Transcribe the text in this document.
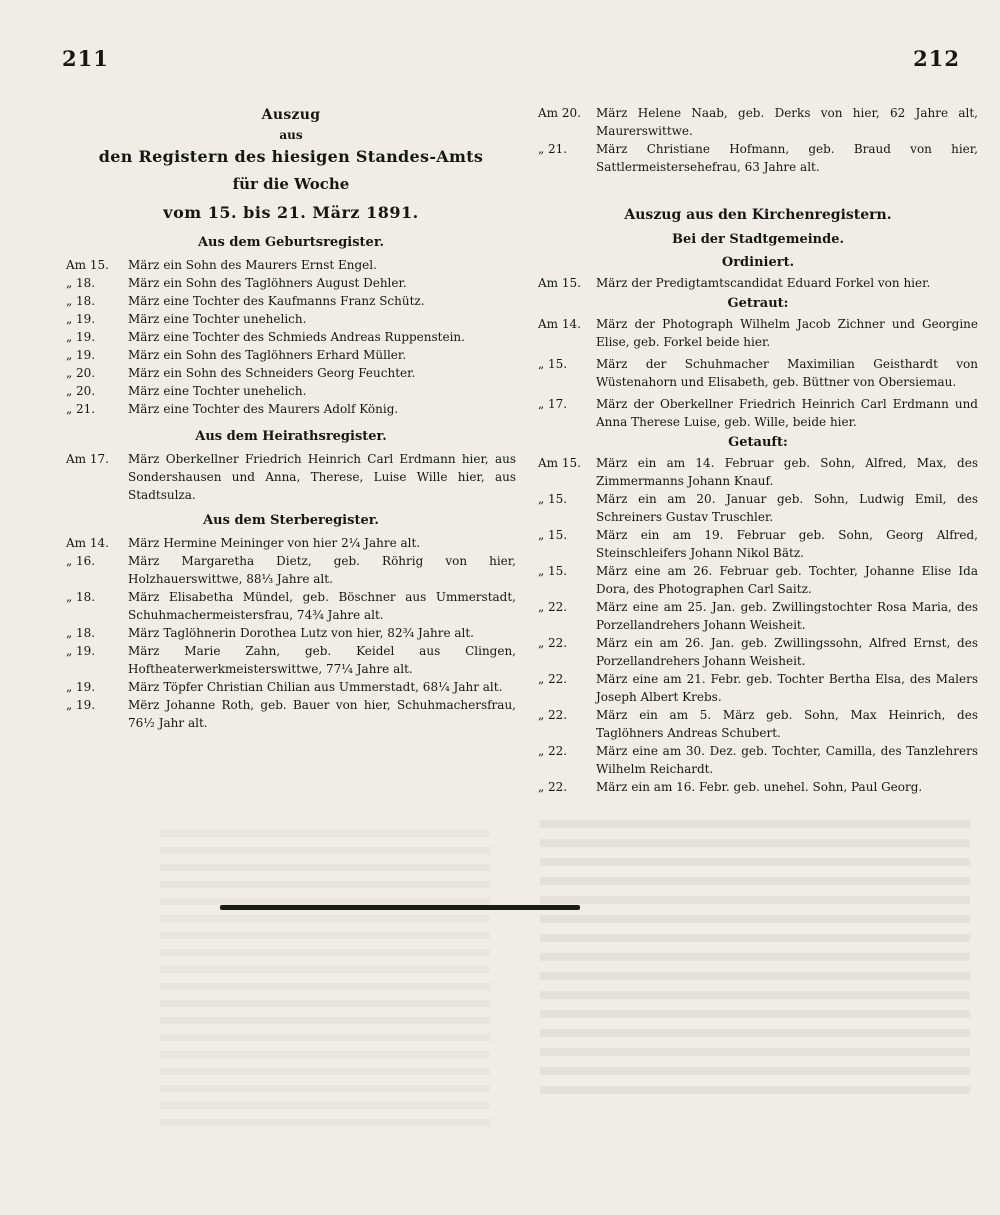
211	212

Auszug

aus

den Registern des hiesigen Standes-Amts

für die Woche

vom 15. bis 21. März 1891.

Aus dem Geburtsregister.

Am 15.	März ein Sohn des Maurers Ernst Engel.
„ 18.	März ein Sohn des Taglöhners August Dehler.
„ 18.	März eine Tochter des Kaufmanns Franz Schütz.
„ 19.	März eine Tochter unehelich.
„ 19.	März eine Tochter des Schmieds Andreas Ruppenstein.
„ 19.	März ein Sohn des Taglöhners Erhard Müller.
„ 20.	März ein Sohn des Schneiders Georg Feuchter.
„ 20.	März eine Tochter unehelich.
„ 21.	März eine Tochter des Maurers Adolf König.

Aus dem Heirathsregister.

Am 17.	März Oberkellner Friedrich Heinrich Carl Erdmann hier, aus Sondershausen und Anna, Therese, Luise Wille hier, aus Stadtsulza.

Aus dem Sterberegister.

Am 14.	März Hermine Meininger von hier 2¼ Jahre alt.
„ 16.	März Margaretha Dietz, geb. Röhrig von hier, Holzhauerswittwe, 88⅓ Jahre alt.
„ 18.	März Elisabetha Mündel, geb. Böschner aus Ummerstadt, Schuhmachermeistersfrau, 74¾ Jahre alt.
„ 18.	März Taglöhnerin Dorothea Lutz von hier, 82¾ Jahre alt.
„ 19.	März Marie Zahn, geb. Keidel aus Clingen, Hoftheaterwerkmeisterswittwe, 77¼ Jahre alt.
„ 19.	März Töpfer Christian Chilian aus Ummerstadt, 68¼ Jahr alt.
„ 19.	Mërz Johanne Roth, geb. Bauer von hier, Schuhmachersfrau, 76½ Jahr alt.
Am 20.	März Helene Naab, geb. Derks von hier, 62 Jahre alt, Maurerswittwe.
„ 21.	März Christiane Hofmann, geb. Braud von hier, Sattlermeistersehefrau, 63 Jahre alt.

Auszug aus den Kirchenregistern.

Bei der Stadtgemeinde.

Ordiniert.

Am 15.	März der Predigtamtscandidat Eduard Forkel von hier.

Getraut:

Am 14.	März der Photograph Wilhelm Jacob Zichner und Georgine Elise, geb. Forkel beide hier.
„ 15.	März der Schuhmacher Maximilian Geisthardt von Wüstenahorn und Elisabeth, geb. Büttner von Obersiemau.
„ 17.	März der Oberkellner Friedrich Heinrich Carl Erdmann und Anna Therese Luise, geb. Wille, beide hier.

Getauft:

Am 15.	März ein am 14. Februar geb. Sohn, Alfred, Max, des Zimmermanns Johann Knauf.
„ 15.	März ein am 20. Januar geb. Sohn, Ludwig Emil, des Schreiners Gustav Truschler.
„ 15.	März ein am 19. Februar geb. Sohn, Georg Alfred, Steinschleifers Johann Nikol Bätz.
„ 15.	März eine am 26. Februar geb. Tochter, Johanne Elise Ida Dora, des Photographen Carl Saitz.
„ 22.	März eine am 25. Jan. geb. Zwillingstochter Rosa Maria, des Porzellandrehers Johann Weisheit.
„ 22.	März ein am 26. Jan. geb. Zwillingssohn, Alfred Ernst, des Porzellandrehers Johann Weisheit.
„ 22.	März eine am 21. Febr. geb. Tochter Bertha Elsa, des Malers Joseph Albert Krebs.
„ 22.	März ein am 5. März geb. Sohn, Max Heinrich, des Taglöhners Andreas Schubert.
„ 22.	März eine am 30. Dez. geb. Tochter, Camilla, des Tanzlehrers Wilhelm Reichardt.
„ 22.	März ein am 16. Febr. geb. unehel. Sohn, Paul Georg.
